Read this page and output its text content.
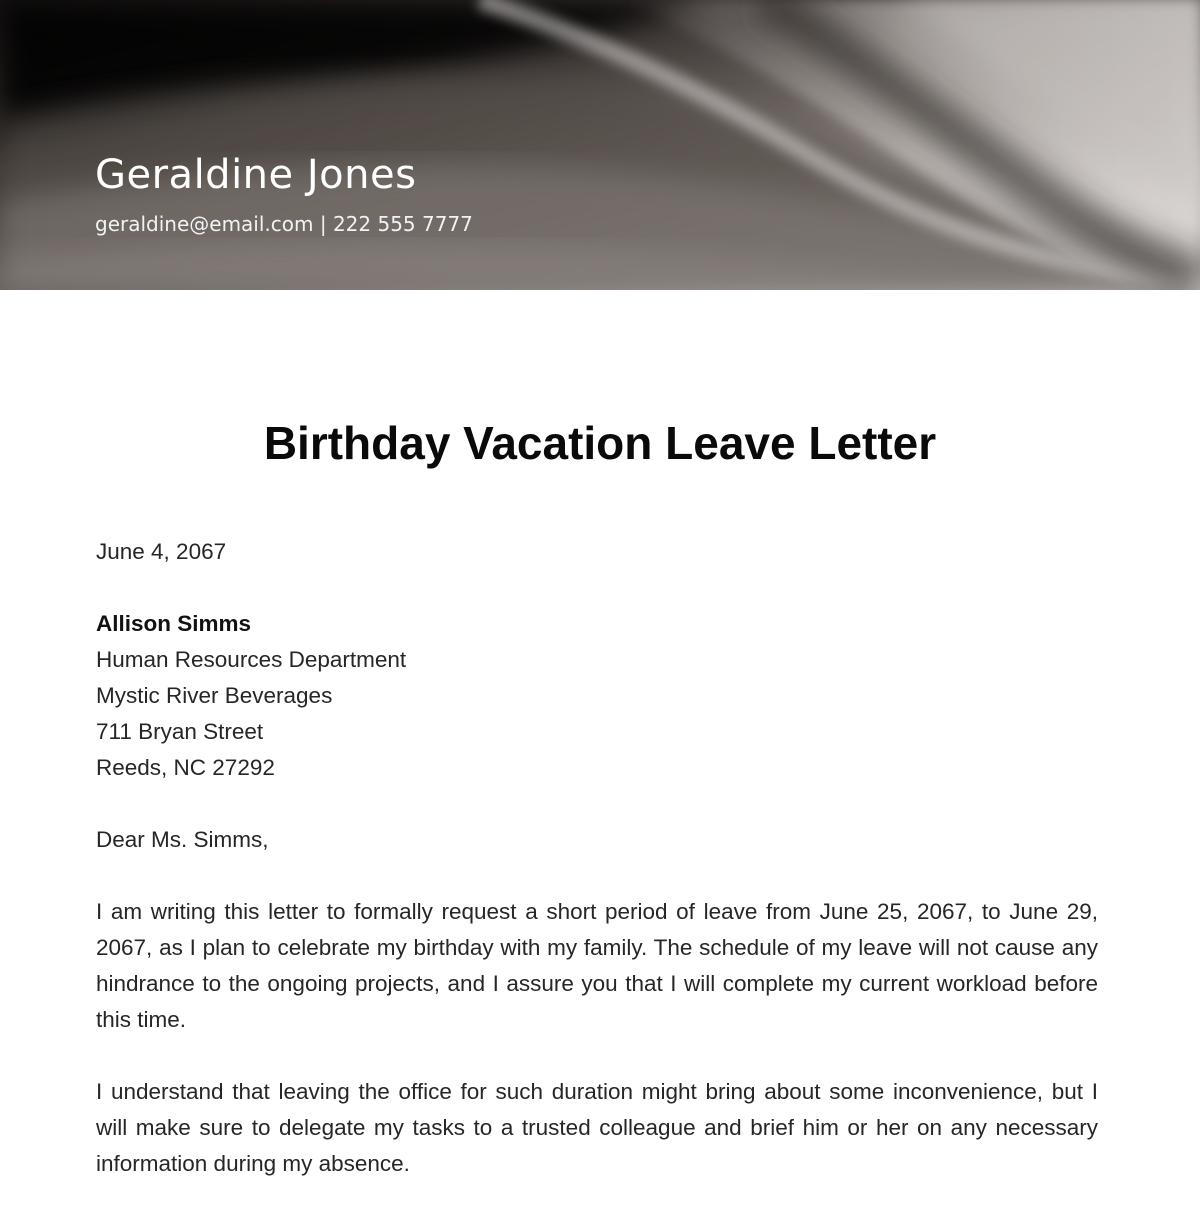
Geraldine Jones
geraldine@email.com | 222 555 7777
Birthday Vacation Leave Letter

June 4, 2067

Allison Simms

Human Resources Department

Mystic River Beverages

711 Bryan Street

Reeds, NC 27292

Dear Ms. Simms,

I am writing this letter to formally request a short period of leave from June 25, 2067, to June 29, 2067, as I plan to celebrate my birthday with my family. The schedule of my leave will not cause any hindrance to the ongoing projects, and I assure you that I will complete my current workload before this time.

I understand that leaving the office for such duration might bring about some inconvenience, but I will make sure to delegate my tasks to a trusted colleague and brief him or her on any necessary information during my absence.
